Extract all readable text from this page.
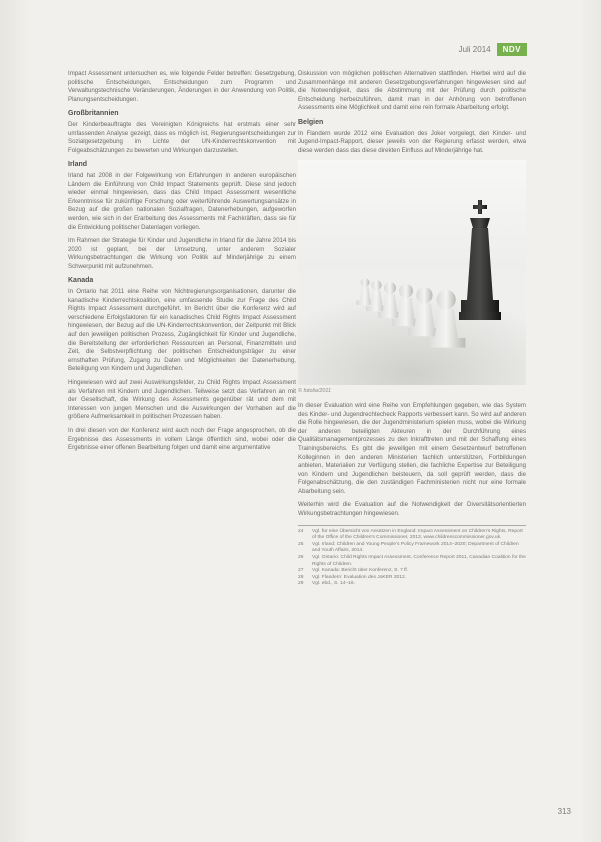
Juli 2014	NDV

Impact Assessment untersuchen es, wie folgende Felder betreffen: Gesetzgebung, politische Entscheidungen, Entscheidungen zum Programm und Verwaltungstechnische Veränderungen, Änderungen in der Anwendung von Politik, Planungsentscheidungen.

Großbritannien

Der Kinderbeauftragte des Vereinigten Königreichs hat erstmals einer sehr umfassenden Analyse gezeigt, dass es möglich ist, Regierungsentscheidungen zur Sozialgesetzgebung im Lichte der UN-Kinderrechtskonvention mit Folgeabschätzungen zu bewerten und Wirkungen darzustellen.

Irland

Irland hat 2008 in der Folgewirkung von Erfahrungen in anderen europäischen Ländern die Einführung von Child Impact Statements geprüft. Diese sind jedoch wieder einmal hingewiesen, dass das Child Impact Assessment wesentliche Erkenntnisse für zukünftige Forschung oder weiterführende Auswertungsansätze in Bezug auf die großen nationalen Sozialfragen, Datenerhebungen, aufgeworfen werden, wie sich in der Erarbeitung des Assessments mit Fachkräften, dass sie für die Entwicklung politischer Datenlagen vorliegen.

Im Rahmen der Strategie für Kinder und Jugendliche in Irland für die Jahre 2014 bis 2020 ist geplant, bei der Umsetzung, unter anderem Sozialer Wirkungsbetrachtungen die Wirkung von Politik auf Minderjährige zu einem Schwerpunkt mit aufzunehmen.

Kanada

In Ontario hat 2011 eine Reihe von Nichtregierungsorganisationen, darunter die kanadische Kinderrechtskoalition, eine umfassende Studie zur Frage des Child Rights Impact Assessment durchgeführt. Im Bericht über die Konferenz wird auf verschiedene Erfolgsfaktoren für ein kanadisches Child Rights Impact Assessment hingewiesen, der Bezug auf die UN-Kinderrechtskonvention, der Zeitpunkt mit Blick auf den jeweiligen politischen Prozess, Zugänglichkeit für Kinder und Jugendliche, die Bereitstellung der erforderlichen Ressourcen an Personal, Finanzmitteln und Zeit, die Selbstverpflichtung der politischen Entscheidungsträger zu einer ernsthaften Prüfung, Zugang zu Daten und Möglichkeiten der Datenerhebung, Beteiligung von Kindern und Jugendlichen.

Hingewiesen wird auf zwei Auswirkungsfelder, zu Child Rights Impact Assessment als Verfahren mit Kindern und Jugendlichen. Teilweise setzt das Verfahren an mit der Gesellschaft, die Wirkung des Assessments gegenüber rät und dem mit Interessen von jungen Menschen und die Auswirkungen der Vorhaben auf die größere Aufmerksamkeit in politischen Prozessen haben.

In drei diesen von der Konferenz wird auch noch der Frage angesprochen, ob die Ergebnisse des Assessments in vollem Länge öffentlich sind, wobei oder die Ergebnisse einer offenen Bearbeitung folgen und damit eine argumentative

Diskussion von möglichen politischen Alternativen stattfinden. Hierbei wird auf die Zusammenhänge mit anderen Gesetzgebungsverfahrungen hingewiesen sind auf die Notwendigkeit, dass die Abstimmung mit der Prüfung durch politische Entscheidung herbeizuführen, damit man in der Anhörung von betroffenen Assessments eine Möglichkeit und damit eine rein formale Abarbeitung erfolgt.

Belgien

In Flandern wurde 2012 eine Evaluation des Joker vorgelegt, den Kinder- und Jugend-Impact-Rapport, dieser jeweils von der Regierung erfasst werden, etwa diese werden dass das diese direkten Einfluss auf Minderjährige hat.

© fotolia/2011

In dieser Evaluation wird eine Reihe von Empfehlungen gegeben, wie das System des Kinder- und Jugendrechtecheck Rapports verbessert kann. So wird auf anderen die Rolle hingewiesen, die der Jugendministerium spielen muss, wobei die Wirkung der anderen beteiligten Akteuren in der Durchführung eines Qualitätsmanagementprozesses zu den Inkrafttreten und mit der Schaffung eines Trainingsbereichs. Es gibt die jeweiligen mit einem Gesetzentwurf betroffenen Kolleginnen in den anderen Ministerien fachlich unterstützen, Fortbildungen anbieten, Materialien zur Verfügung stellen, die fachliche Expertise zur Beteiligung von Kindern und Jugendlichen beisteuern, da soll geprüft werden, dass die Folgenabschätzung, die den zuständigen Fachministerien nicht nur eine formale Abarbeitung sein.

Weiterhin wird die Evaluation auf die Notwendigkeit der Diversitätsorientierten Wirkungsbetrachtungen hingewiesen.

24	Vgl. für eine Übersicht von Ansätzen in England: Impact Assessment on Children's Rights, Report of the Office of the Children's Commissioner, 2013, www.childrenscommissioner.gov.uk.
25	Vgl. Irland: Children and Young People's Policy Framework 2014–2020; Department of Children and Youth Affairs, 2014.
26	Vgl. Ontario: Child Rights Impact Assessment, Conference Report 2011, Canadian Coalition for the Rights of Children.
27	Vgl. Kanada: Bericht über Konferenz, S. 7 ff.
28	Vgl. Flandern: Evaluation des JoKER 2012.
29	Vgl. ebd., S. 14–16.
313
